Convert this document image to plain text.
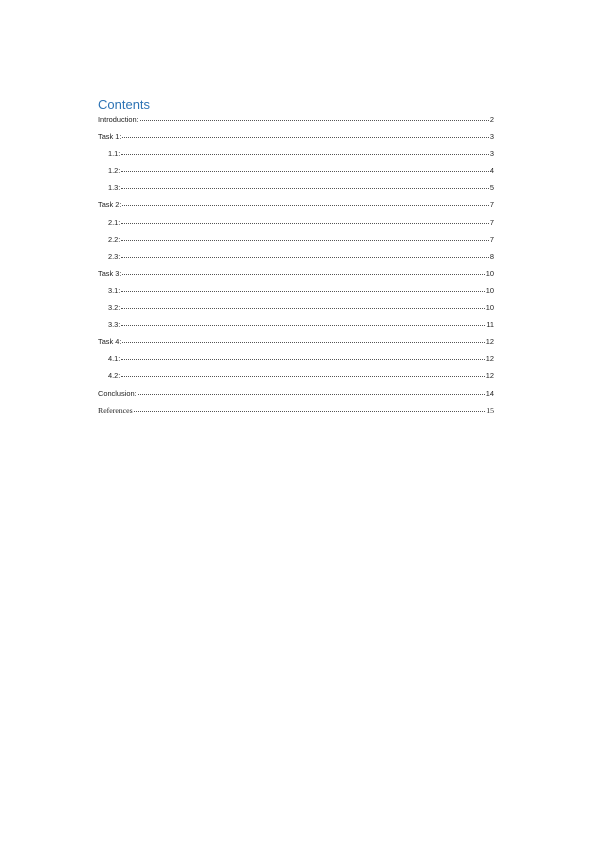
Contents
Introduction:	2
Task 1:	3
1.1:	3
1.2:	4
1.3:	5
Task 2:	7
2.1:	7
2.2:	7
2.3:	8
Task 3:	10
3.1:	10
3.2:	10
3.3:	11
Task 4:	12
4.1:	12
4.2:	12
Conclusion:	14
References	15
